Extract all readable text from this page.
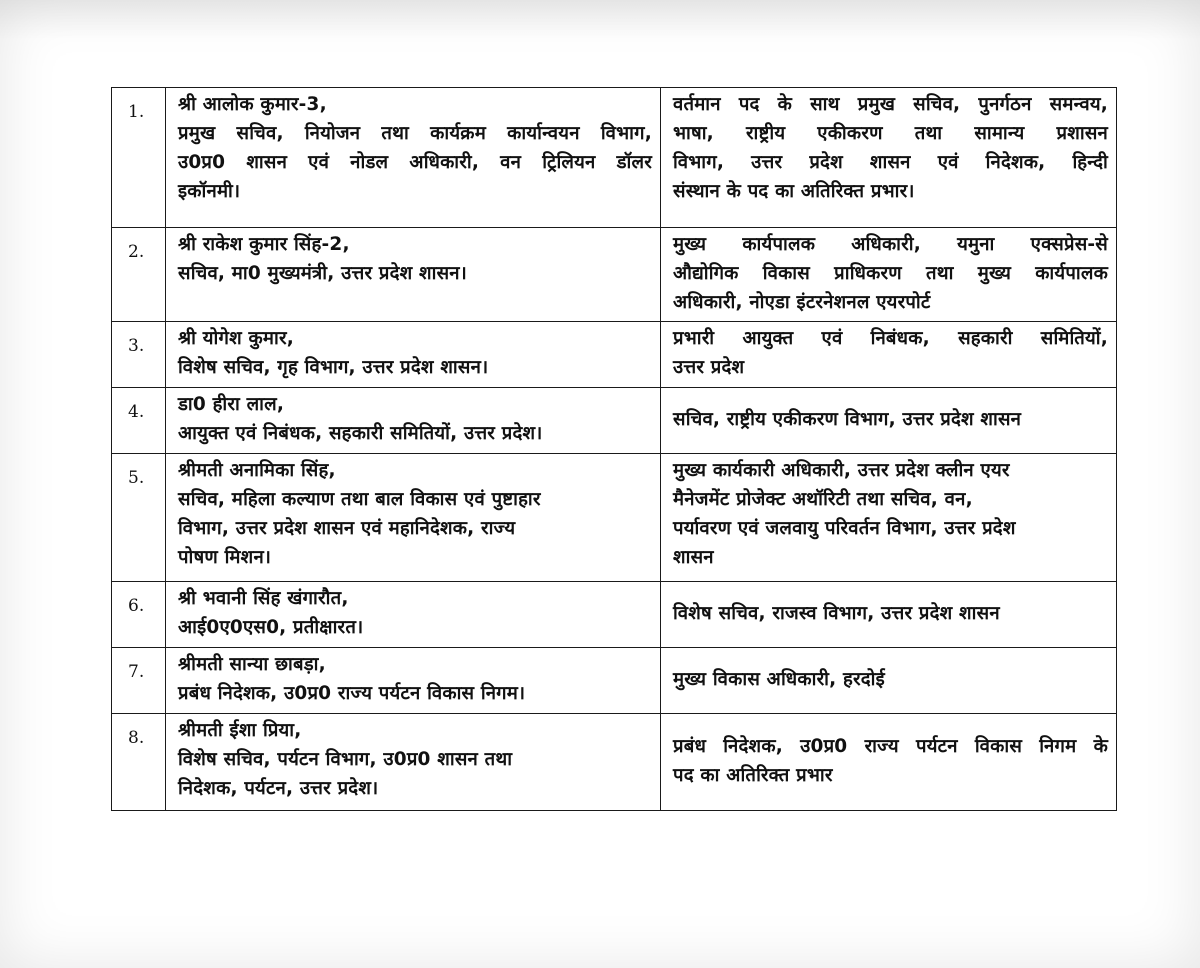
1.	श्री आलोक कुमार-3,
प्रमुख सचिव, नियोजन तथा कार्यक्रम कार्यान्वयन विभाग,
उ0प्र0 शासन एवं नोडल अधिकारी, वन ट्रिलियन डॉलर
इकॉनमी।	वर्तमान पद के साथ प्रमुख सचिव, पुनर्गठन समन्वय,
भाषा, राष्ट्रीय एकीकरण तथा सामान्य प्रशासन
विभाग, उत्तर प्रदेश शासन एवं निदेशक, हिन्दी
संस्थान के पद का अतिरिक्त प्रभार।

2.	श्री राकेश कुमार सिंह-2,
सचिव, मा0 मुख्यमंत्री, उत्तर प्रदेश शासन।	मुख्य कार्यपालक अधिकारी, यमुना एक्सप्रेस-से
औद्योगिक विकास प्राधिकरण तथा मुख्य कार्यपालक
अधिकारी, नोएडा इंटरनेशनल एयरपोर्ट

3.	श्री योगेश कुमार,
विशेष सचिव, गृह विभाग, उत्तर प्रदेश शासन।	प्रभारी आयुक्त एवं निबंधक, सहकारी समितियों,
उत्तर प्रदेश

4.	डा0 हीरा लाल,
आयुक्त एवं निबंधक, सहकारी समितियों, उत्तर प्रदेश।	सचिव, राष्ट्रीय एकीकरण विभाग, उत्तर प्रदेश शासन

5.	श्रीमती अनामिका सिंह,
सचिव, महिला कल्याण तथा बाल विकास एवं पुष्टाहार
विभाग, उत्तर प्रदेश शासन एवं महानिदेशक, राज्य
पोषण मिशन।	मुख्य कार्यकारी अधिकारी, उत्तर प्रदेश क्लीन एयर
मैनेजमेंट प्रोजेक्ट अथॉरिटी तथा सचिव, वन,
पर्यावरण एवं जलवायु परिवर्तन विभाग, उत्तर प्रदेश
शासन

6.	श्री भवानी सिंह खंगारौत,
आई0ए0एस0, प्रतीक्षारत।	विशेष सचिव, राजस्व विभाग, उत्तर प्रदेश शासन

7.	श्रीमती सान्या छाबड़ा,
प्रबंध निदेशक, उ0प्र0 राज्य पर्यटन विकास निगम।	मुख्य विकास अधिकारी, हरदोई

8.	श्रीमती ईशा प्रिया,
विशेष सचिव, पर्यटन विभाग, उ0प्र0 शासन तथा
निदेशक, पर्यटन, उत्तर प्रदेश।	प्रबंध निदेशक, उ0प्र0 राज्य पर्यटन विकास निगम के
पद का अतिरिक्त प्रभार
